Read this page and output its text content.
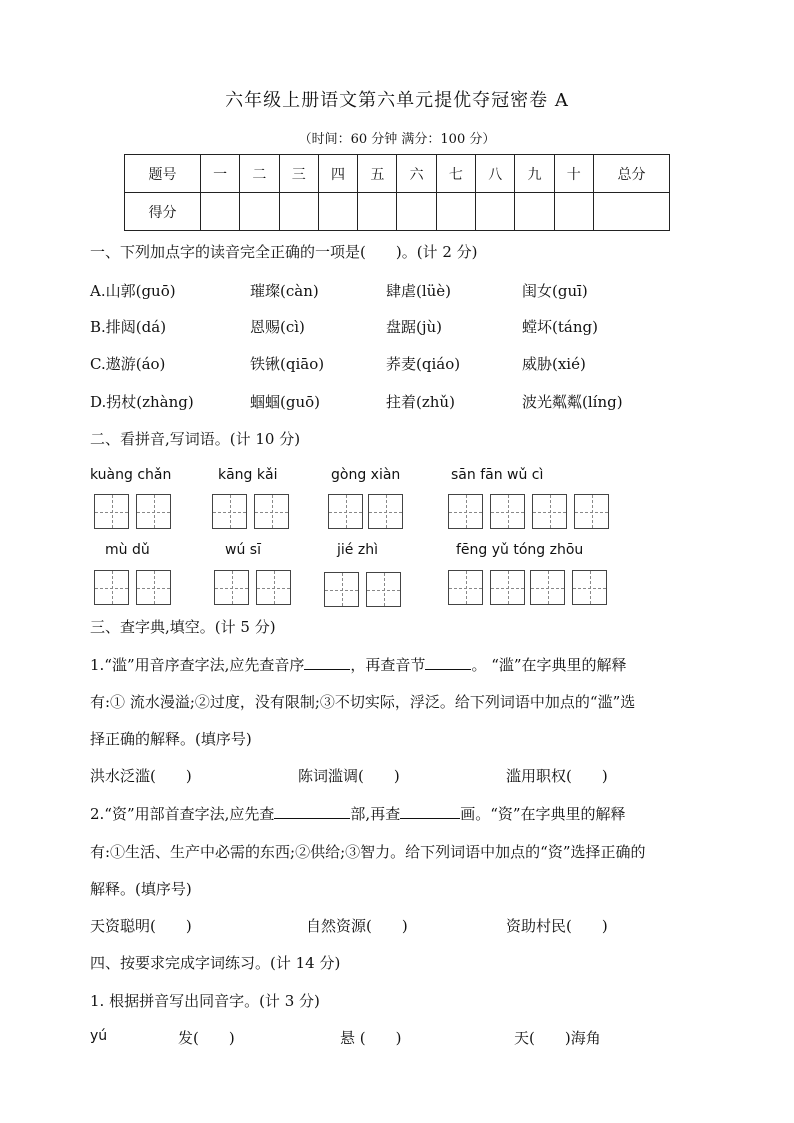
六年级上册语文第六单元提优夺冠密卷 A
（时间：60 分钟 满分：100 分）
题号	一	二	三	四	五	六	七	八	九	十	总分
得分											
一、下列加点字的读音完全正确的一项是(　　)。(计 2 分)
A.山郭(guō)	璀璨(càn)	肆虐(lüè)	闺女(guī)
B.排闼(dá)	恩赐(cì)	盘踞(jù)	螳坏(táng)
C.遨游(áo)	铁锹(qiāo)	荞麦(qiáo)	威胁(xié)
D.拐杖(zhàng)	蝈蝈(guō)	拄着(zhǔ)	波光粼粼(líng)
二、看拼音,写词语。(计 10 分)
kuàng chǎn	kāng kǎi	gòng xiàn	sān fān wǔ cì
mù dǔ	wú sī	jié zhì	fēng yǔ tóng zhōu
三、查字典,填空。(计 5 分)
1.“滥”用音序查字法,应先查音序	，再查音节	。 “滥”在字典里的解释
有:① 流水漫溢;②过度，没有限制;③不切实际，浮泛。给下列词语中加点的“滥”选
择正确的解释。(填序号)
洪水泛滥(　　)	陈词滥调(　　)	滥用职权(　　)
2.“资”用部首查字法,应先查	部,再查	画。“资”在字典里的解释
有:①生活、生产中必需的东西;②供给;③智力。给下列词语中加点的“资”选择正确的
解释。(填序号)
天资聪明(　　)	自然资源(　　)	资助村民(　　)
四、按要求完成字词练习。(计 14 分)
1. 根据拼音写出同音字。(计 3 分)
yú	发(　　)	悬 (　　)	天(　　)海角
